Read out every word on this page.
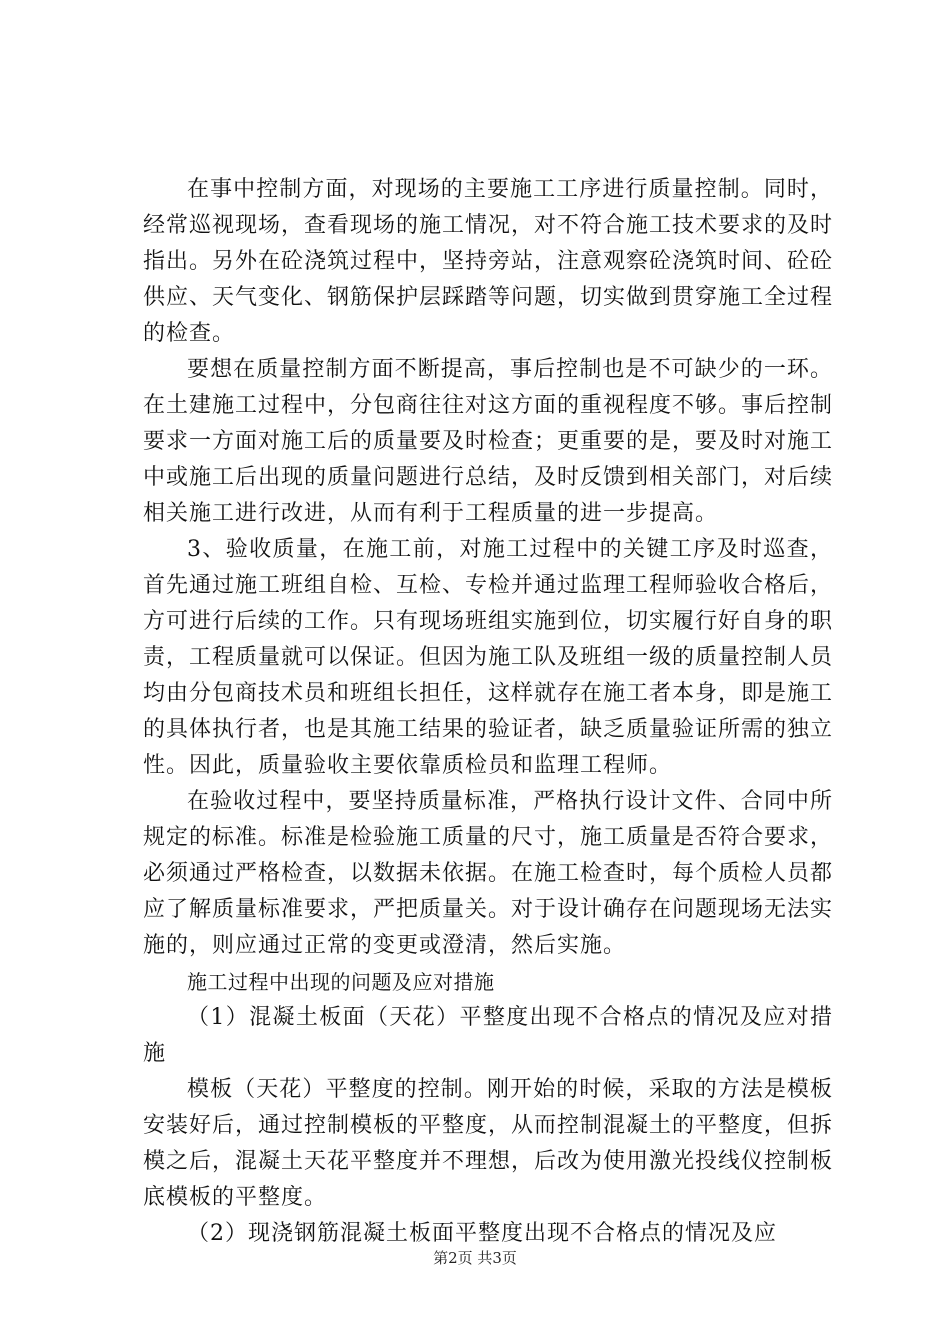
在事中控制方面，对现场的主要施工工序进行质量控制。同时，经常巡视现场，查看现场的施工情况，对不符合施工技术要求的及时指出。另外在砼浇筑过程中，坚持旁站，注意观察砼浇筑时间、砼砼供应、天气变化、钢筋保护层踩踏等问题，切实做到贯穿施工全过程的检查。

要想在质量控制方面不断提高，事后控制也是不可缺少的一环。在土建施工过程中，分包商往往对这方面的重视程度不够。事后控制要求一方面对施工后的质量要及时检查；更重要的是，要及时对施工中或施工后出现的质量问题进行总结，及时反馈到相关部门，对后续相关施工进行改进，从而有利于工程质量的进一步提高。

3、验收质量，在施工前，对施工过程中的关键工序及时巡查，首先通过施工班组自检、互检、专检并通过监理工程师验收合格后，方可进行后续的工作。只有现场班组实施到位，切实履行好自身的职责，工程质量就可以保证。但因为施工队及班组一级的质量控制人员均由分包商技术员和班组长担任，这样就存在施工者本身，即是施工的具体执行者，也是其施工结果的验证者，缺乏质量验证所需的独立性。因此，质量验收主要依靠质检员和监理工程师。

在验收过程中，要坚持质量标准，严格执行设计文件、合同中所规定的标准。标准是检验施工质量的尺寸，施工质量是否符合要求，必须通过严格检查，以数据未依据。在施工检查时，每个质检人员都应了解质量标准要求，严把质量关。对于设计确存在问题现场无法实施的，则应通过正常的变更或澄清，然后实施。

施工过程中出现的问题及应对措施

（1）混凝土板面（天花）平整度出现不合格点的情况及应对措施

模板（天花）平整度的控制。刚开始的时候，采取的方法是模板安装好后，通过控制模板的平整度，从而控制混凝土的平整度，但拆模之后，混凝土天花平整度并不理想，后改为使用激光投线仪控制板底模板的平整度。

（2）现浇钢筋混凝土板面平整度出现不合格点的情况及应

第2页 共3页
